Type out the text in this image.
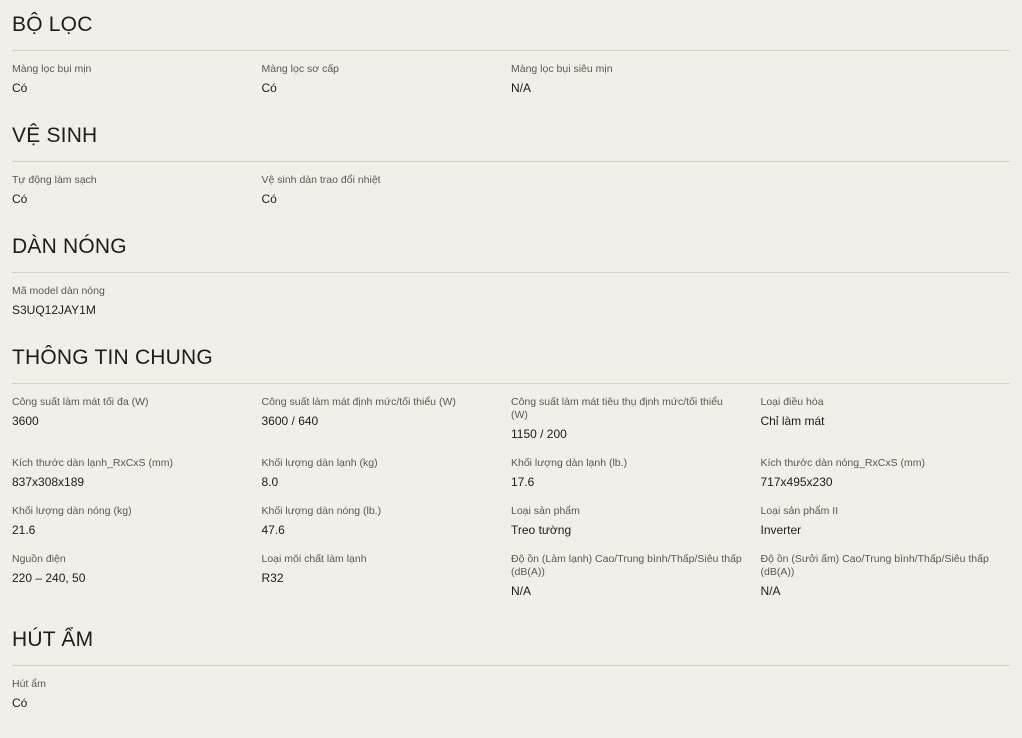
BỘ LỌC
Màng lọc bụi mịn
Có
Màng lọc sơ cấp
Có
Màng lọc bụi siêu mịn
N/A
VỆ SINH
Tự động làm sạch
Có
Vệ sinh dàn trao đổi nhiệt
Có
DÀN NÓNG
Mã model dàn nóng
S3UQ12JAY1M
THÔNG TIN CHUNG
Công suất làm mát tối đa (W)
3600
Công suất làm mát định mức/tối thiểu (W)
3600 / 640
Công suất làm mát tiêu thụ định mức/tối thiểu (W)
1150 / 200
Loại điều hòa
Chỉ làm mát
Kích thước dàn lạnh_RxCxS (mm)
837x308x189
Khối lượng dàn lạnh (kg)
8.0
Khối lượng dàn lạnh (lb.)
17.6
Kích thước dàn nóng_RxCxS (mm)
717x495x230
Khối lượng dàn nóng (kg)
21.6
Khối lượng dàn nóng (lb.)
47.6
Loại sản phẩm
Treo tường
Loại sản phẩm II
Inverter
Nguồn điện
220 – 240, 50
Loại môi chất làm lạnh
R32
Độ ồn (Làm lạnh) Cao/Trung bình/Thấp/Siêu thấp (dB(A))
N/A
Độ ồn (Sưởi ấm) Cao/Trung bình/Thấp/Siêu thấp (dB(A))
N/A
HÚT ẨM
Hút ẩm
Có
